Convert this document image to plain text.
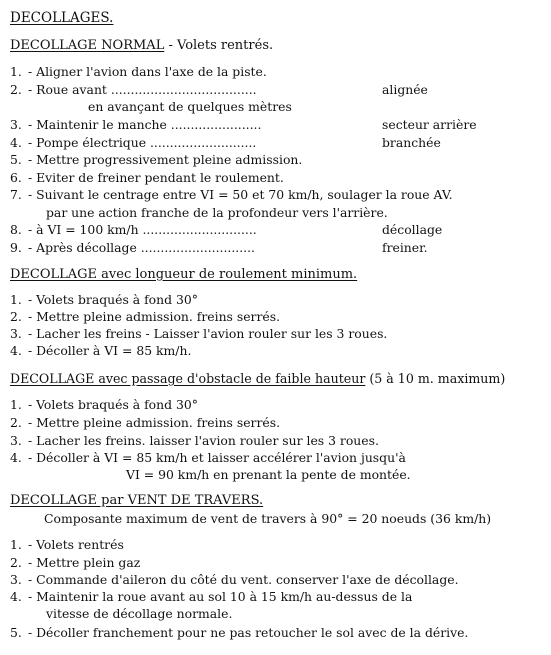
DECOLLAGES.
DECOLLAGE NORMAL - Volets rentrés.
1. - Aligner l'avion dans l'axe de la piste.
2. - Roue avant .....................................	alignée
en avançant de quelques mètres
3. - Maintenir le manche .......................	secteur arrière
4. - Pompe électrique ...........................	branchée
5. - Mettre progressivement pleine admission.
6. - Eviter de freiner pendant le roulement.
7. - Suivant le centrage entre VI = 50 et 70 km/h, soulager la roue AV.
par une action franche de la profondeur vers l'arrière.
8. - à VI = 100 km/h .............................	décollage
9. - Après décollage .............................	freiner.
DECOLLAGE avec longueur de roulement minimum.
1. - Volets braqués à fond 30°
2. - Mettre pleine admission. freins serrés.
3. - Lacher les freins - Laisser l'avion rouler sur les 3 roues.
4. - Décoller à VI = 85 km/h.
DECOLLAGE avec passage d'obstacle de faible hauteur (5 à 10 m. maximum)
1. - Volets braqués à fond 30°
2. - Mettre pleine admission. freins serrés.
3. - Lacher les freins. laisser l'avion rouler sur les 3 roues.
4. - Décoller à VI = 85 km/h et laisser accélérer l'avion jusqu'à
VI = 90 km/h en prenant la pente de montée.
DECOLLAGE par VENT DE TRAVERS.
Composante maximum de vent de travers à 90° = 20 noeuds (36 km/h)
1. - Volets rentrés
2. - Mettre plein gaz
3. - Commande d'aileron du côté du vent. conserver l'axe de décollage.
4. - Maintenir la roue avant au sol 10 à 15 km/h au-dessus de la
vitesse de décollage normale.
5. - Décoller franchement pour ne pas retoucher le sol avec de la dérive.
